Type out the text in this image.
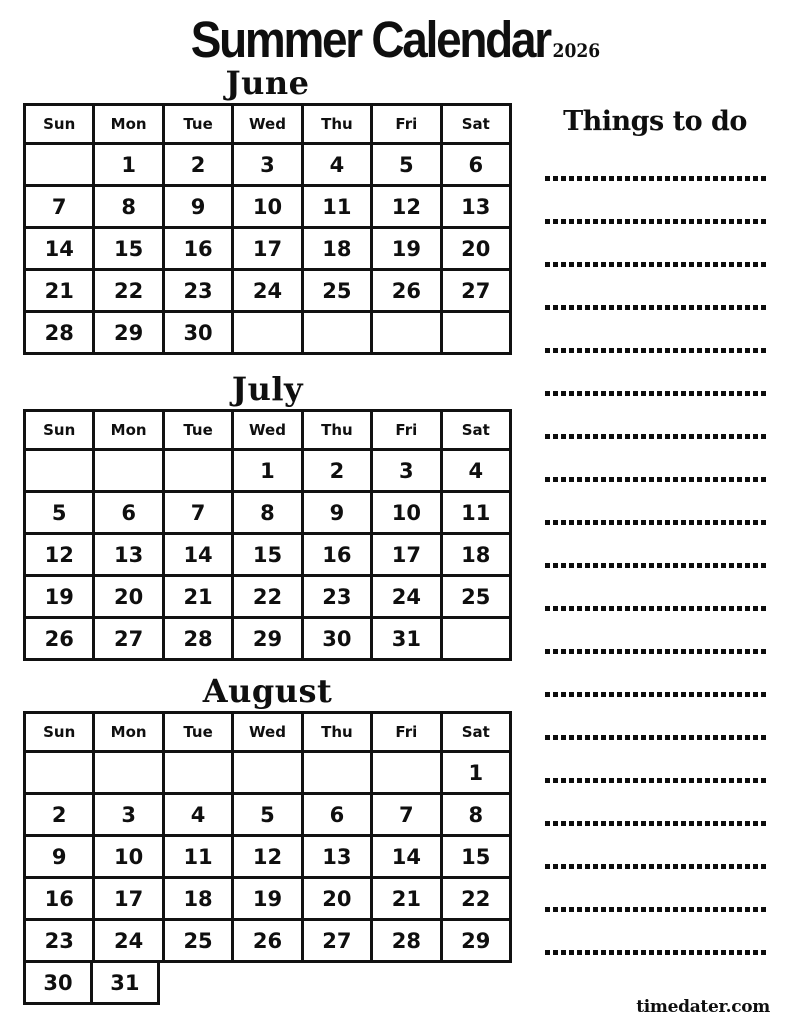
Summer Calendar 2026
June
Sun	Mon	Tue	Wed	Thu	Fri	Sat
	1	2	3	4	5	6
7	8	9	10	11	12	13
14	15	16	17	18	19	20
21	22	23	24	25	26	27
28	29	30				
July
Sun	Mon	Tue	Wed	Thu	Fri	Sat
			1	2	3	4
5	6	7	8	9	10	11
12	13	14	15	16	17	18
19	20	21	22	23	24	25
26	27	28	29	30	31	
August
Sun	Mon	Tue	Wed	Thu	Fri	Sat
						1
2	3	4	5	6	7	8
9	10	11	12	13	14	15
16	17	18	19	20	21	22
23	24	25	26	27	28	29
30	31
Things to do
timedater.com
